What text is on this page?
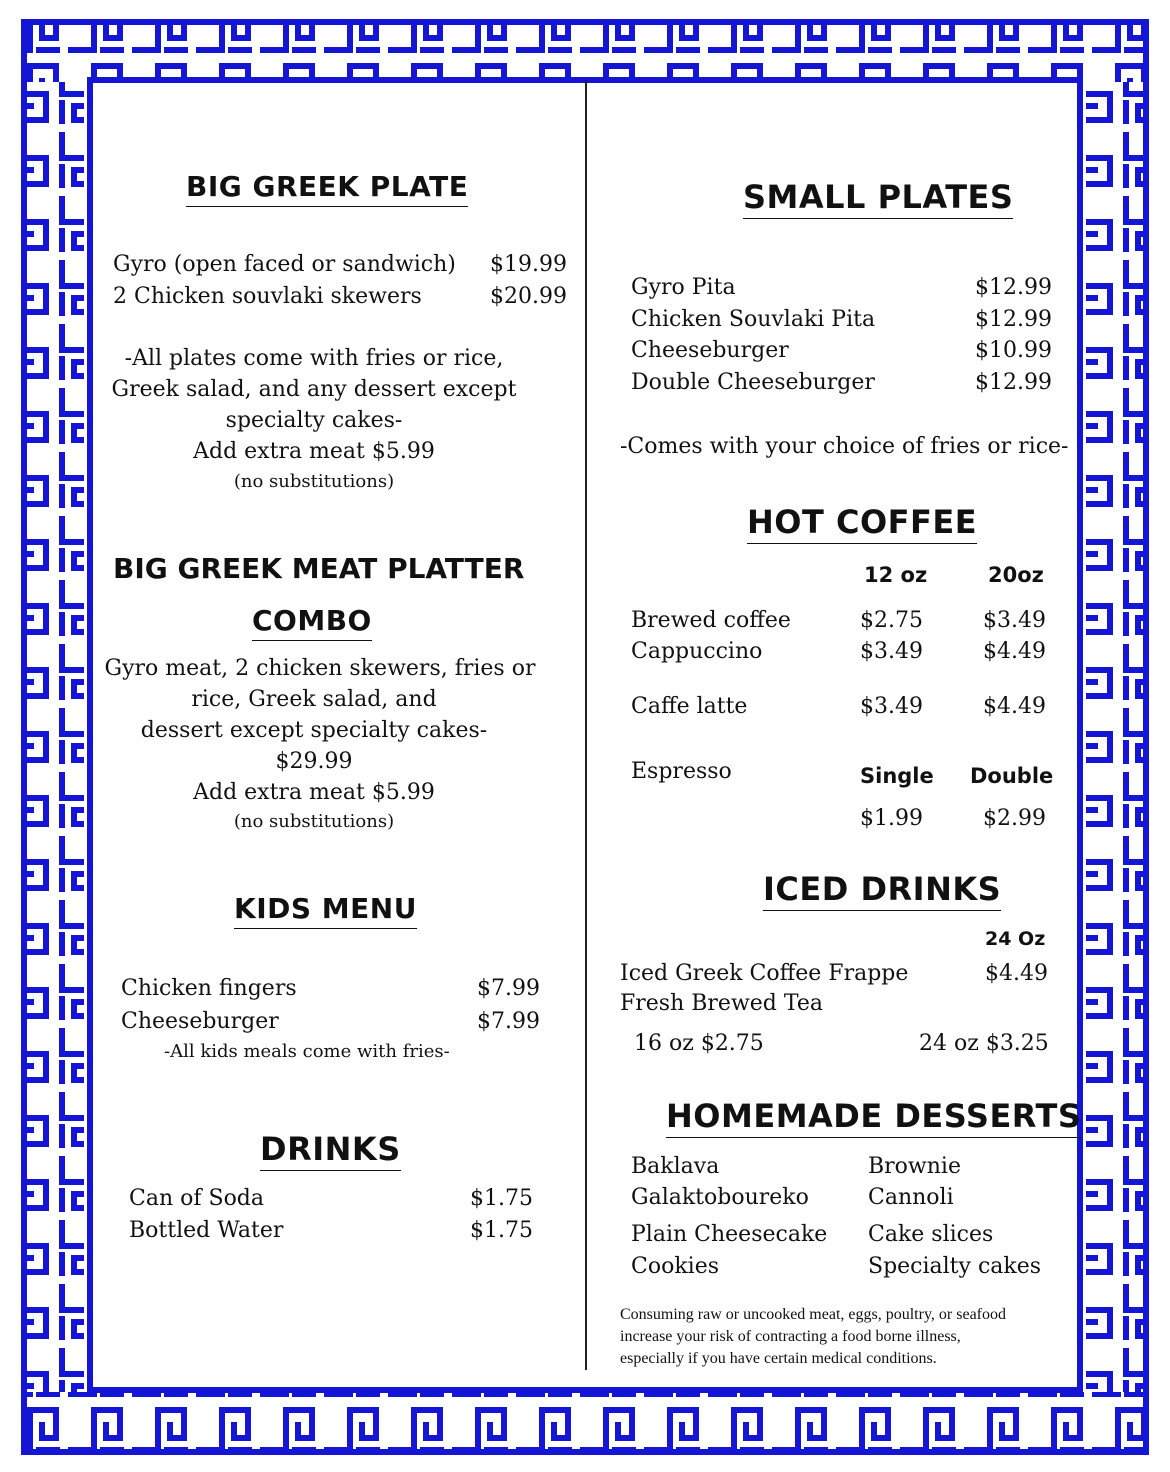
BIG GREEK PLATE
Gyro (open faced or sandwich) $19.99
2 Chicken souvlaki skewers	$20.99
-All plates come with fries or rice,
Greek salad, and any dessert except
specialty cakes-
Add extra meat $5.99
(no substitutions)
BIG GREEK MEAT PLATTER
COMBO
Gyro meat, 2 chicken skewers, fries or
rice, Greek salad, and
dessert except specialty cakes-
$29.99
Add extra meat $5.99
(no substitutions)
KIDS MENU
Chicken fingers	$7.99
Cheeseburger	$7.99
-All kids meals come with fries-
DRINKS
Can of Soda	$1.75
Bottled Water	$1.75
SMALL PLATES
Gyro Pita	$12.99
Chicken Souvlaki Pita	$12.99
Cheeseburger	$10.99
Double Cheeseburger	$12.99
-Comes with your choice of fries or rice-
HOT COFFEE
12 oz	20oz
Brewed coffee	$2.75	$3.49
Cappuccino	$3.49	$4.49
Caffe latte	$3.49	$4.49
Espresso	Single Double
$1.99	$2.99
ICED DRINKS
24 Oz
Iced Greek Coffee Frappe	$4.49
Fresh Brewed Tea
16 oz $2.75	24 oz $3.25
HOMEMADE DESSERTS
Baklava
Galaktoboureko
Plain Cheesecake
Cookies
Brownie
Cannoli
Cake slices
Specialty cakes
Consuming raw or uncooked meat, eggs, poultry, or seafood
increase your risk of contracting a food borne illness,
especially if you have certain medical conditions.
